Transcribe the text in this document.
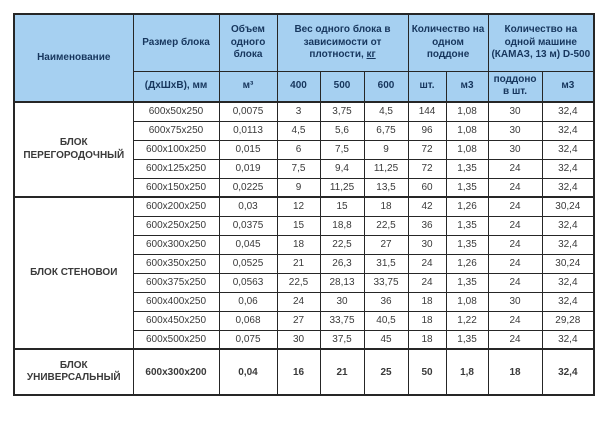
Наименование	Размер блока	Объем одного блока	Вес одного блока в зависимости от плотности, кг			Количество на одном поддоне		Количество на одной машине (КАМАЗ, 13 м) D-500	
	(ДхШхВ), мм	м³	400	500	600	шт.	м3	поддонов шт.	м3
БЛОК ПЕРЕГОРОДОЧНЫЙ	600х50х250	0,0075	3	3,75	4,5	144	1,08	30	32,4
	600х75х250	0,0113	4,5	5,6	6,75	96	1,08	30	32,4
	600х100х250	0,015	6	7,5	9	72	1,08	30	32,4
	600х125х250	0,019	7,5	9,4	11,25	72	1,35	24	32,4
	600х150х250	0,0225	9	11,25	13,5	60	1,35	24	32,4
БЛОК СТЕНОВОИ	600х200х250	0,03	12	15	18	42	1,26	24	30,24
	600х250х250	0,0375	15	18,8	22,5	36	1,35	24	32,4
	600х300х250	0,045	18	22,5	27	30	1,35	24	32,4
	600х350х250	0,0525	21	26,3	31,5	24	1,26	24	30,24
	600х375х250	0,0563	22,5	28,13	33,75	24	1,35	24	32,4
	600х400х250	0,06	24	30	36	18	1,08	30	32,4
	600х450х250	0,068	27	33,75	40,5	18	1,22	24	29,28
	600х500х250	0,075	30	37,5	45	18	1,35	24	32,4
БЛОК УНИВЕРСАЛЬНЫЙ	600х300х200	0,04	16	21	25	50	1,8	18	32,4
